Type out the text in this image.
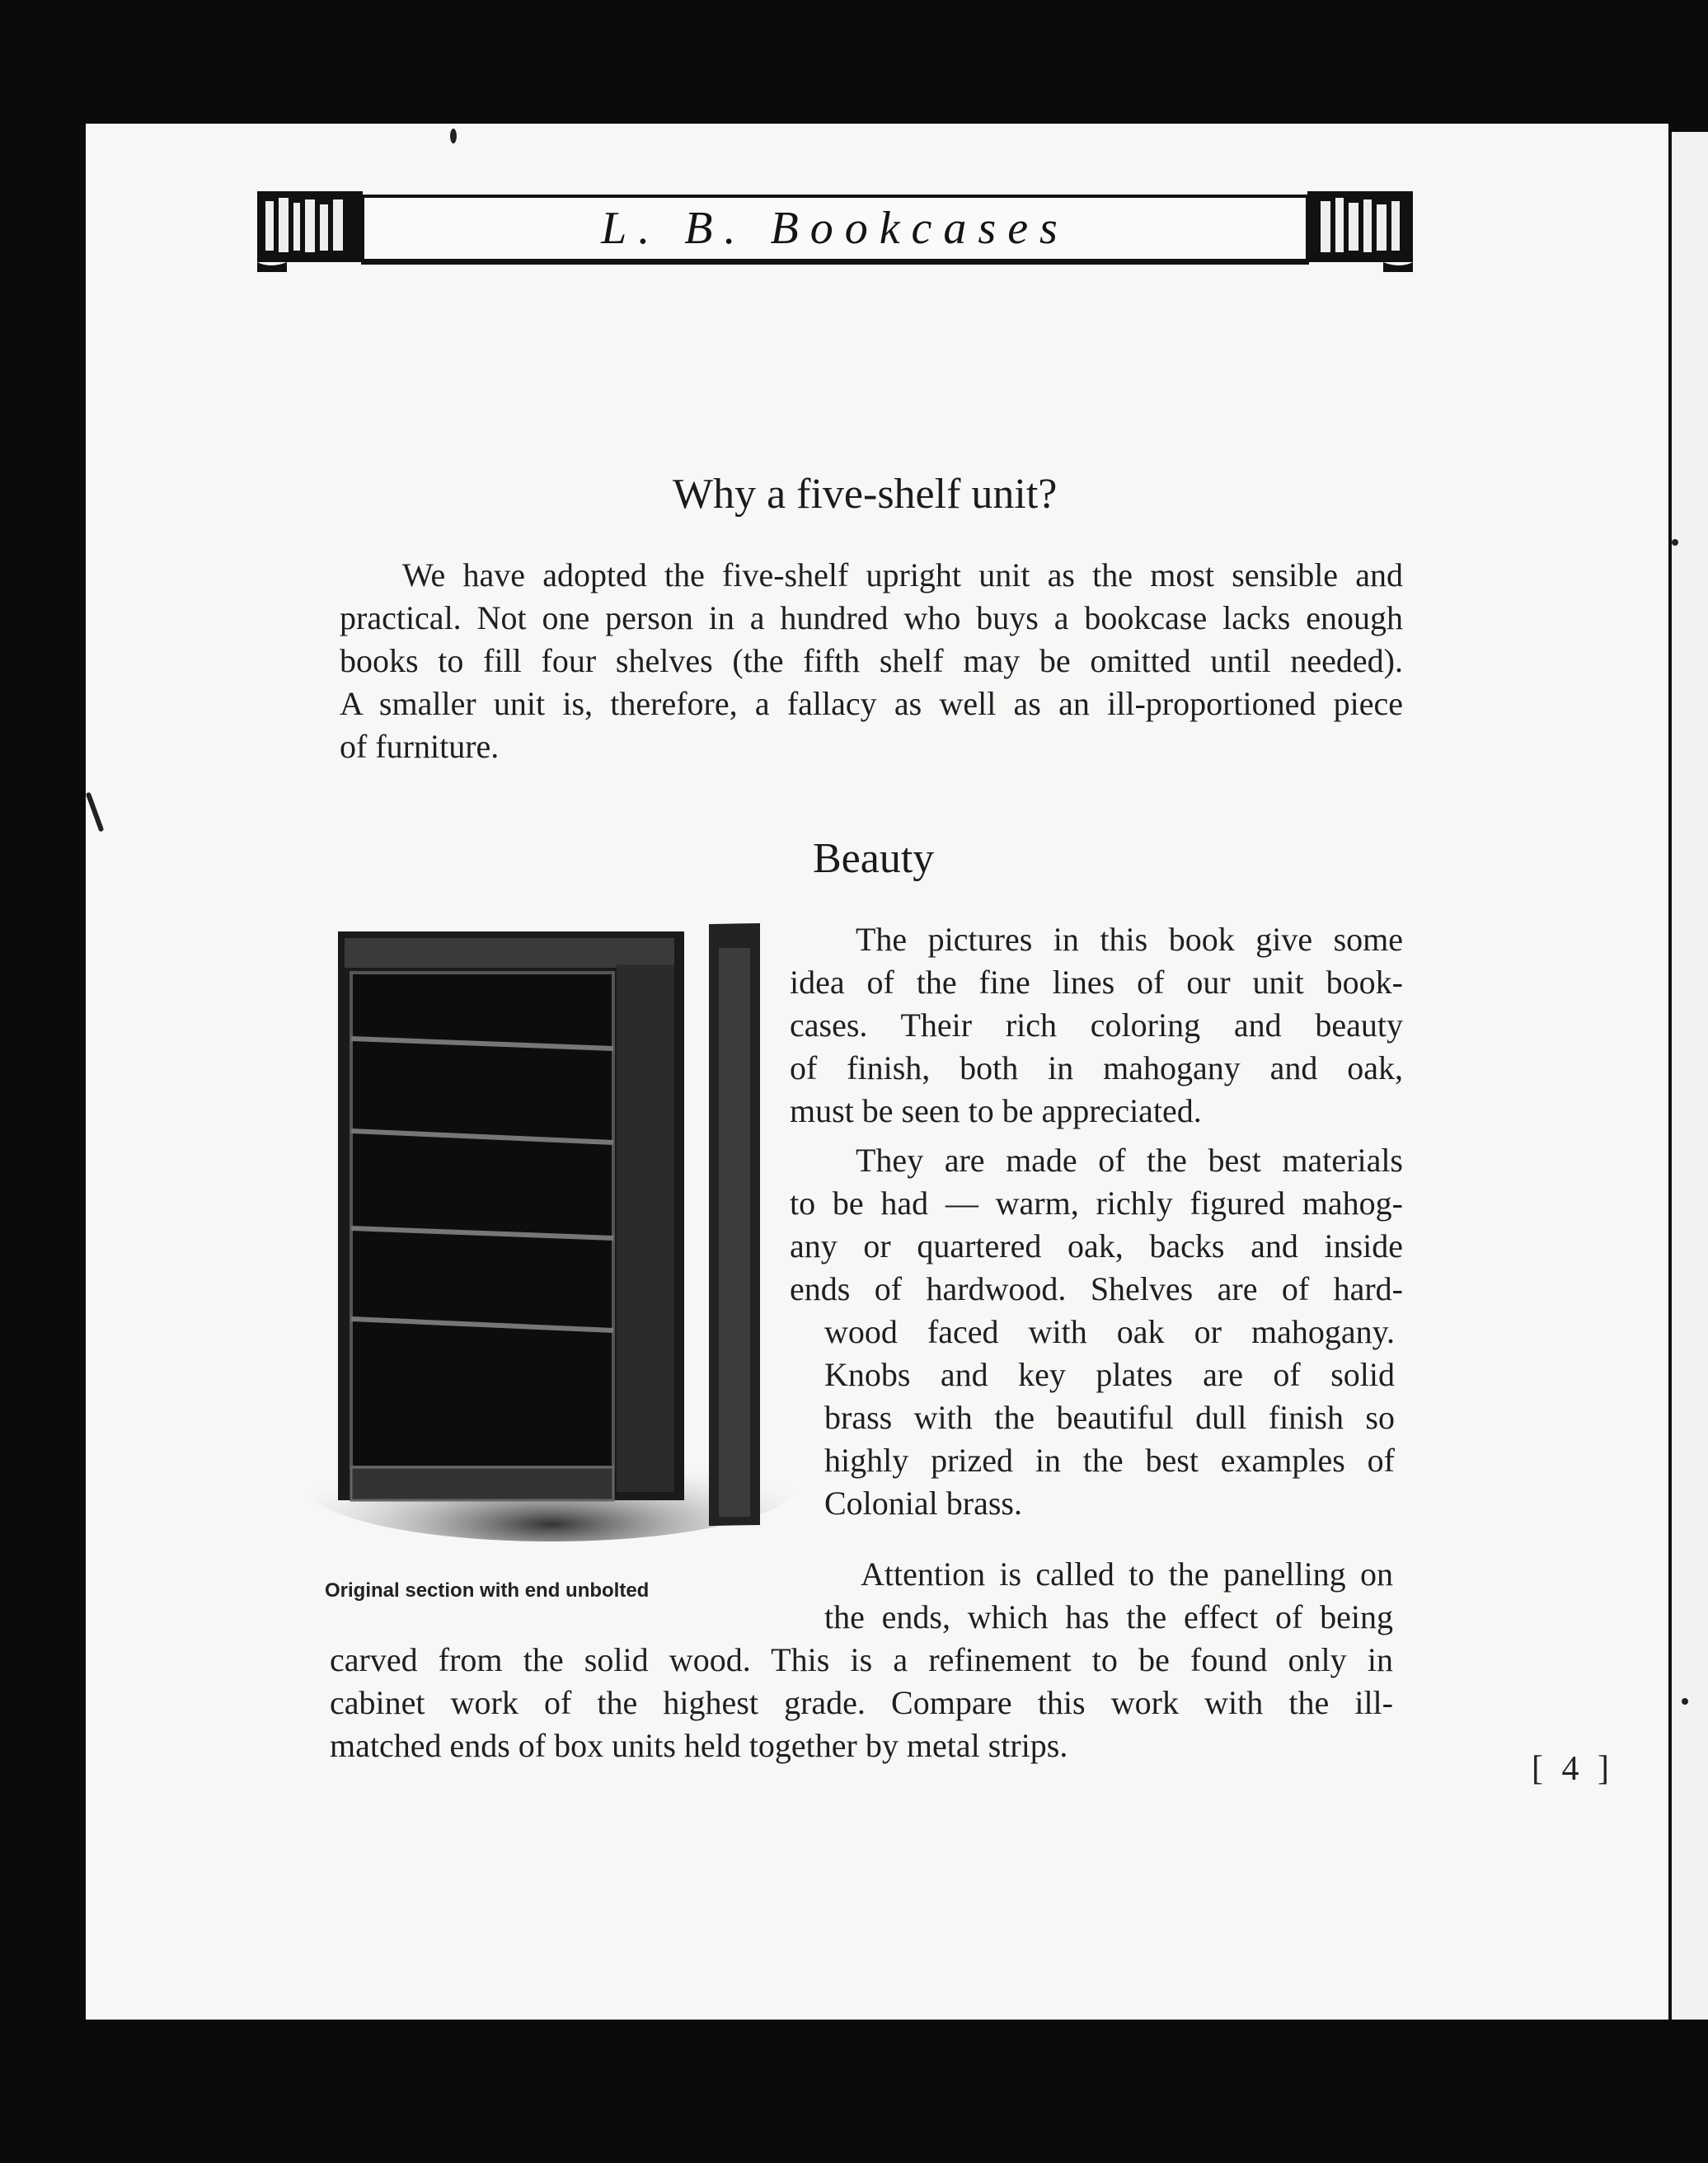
L. B. Bookcases
Why a five-shelf unit?
We have adopted the five-shelf upright unit as the most sensible and
practical. Not one person in a hundred who buys a bookcase lacks enough
books to fill four shelves (the fifth shelf may be omitted until needed).
A smaller unit is, therefore, a fallacy as well as an ill-proportioned piece
of furniture.
Beauty
Original section with end unbolted
The pictures in this book give some
idea of the fine lines of our unit book-
cases. Their rich coloring and beauty
of finish, both in mahogany and oak,
must be seen to be appreciated.
They are made of the best materials
to be had — warm, richly figured mahog-
any or quartered oak, backs and inside
ends of hardwood. Shelves are of hard-
wood faced with oak or mahogany.
Knobs and key plates are of solid
brass with the beautiful dull finish so
highly prized in the best examples of
Colonial brass.
Attention is called to the panelling on
the ends, which has the effect of being
carved from the solid wood. This is a refinement to be found only in
cabinet work of the highest grade. Compare this work with the ill-
matched ends of box units held together by metal strips.
[ 4 ]
